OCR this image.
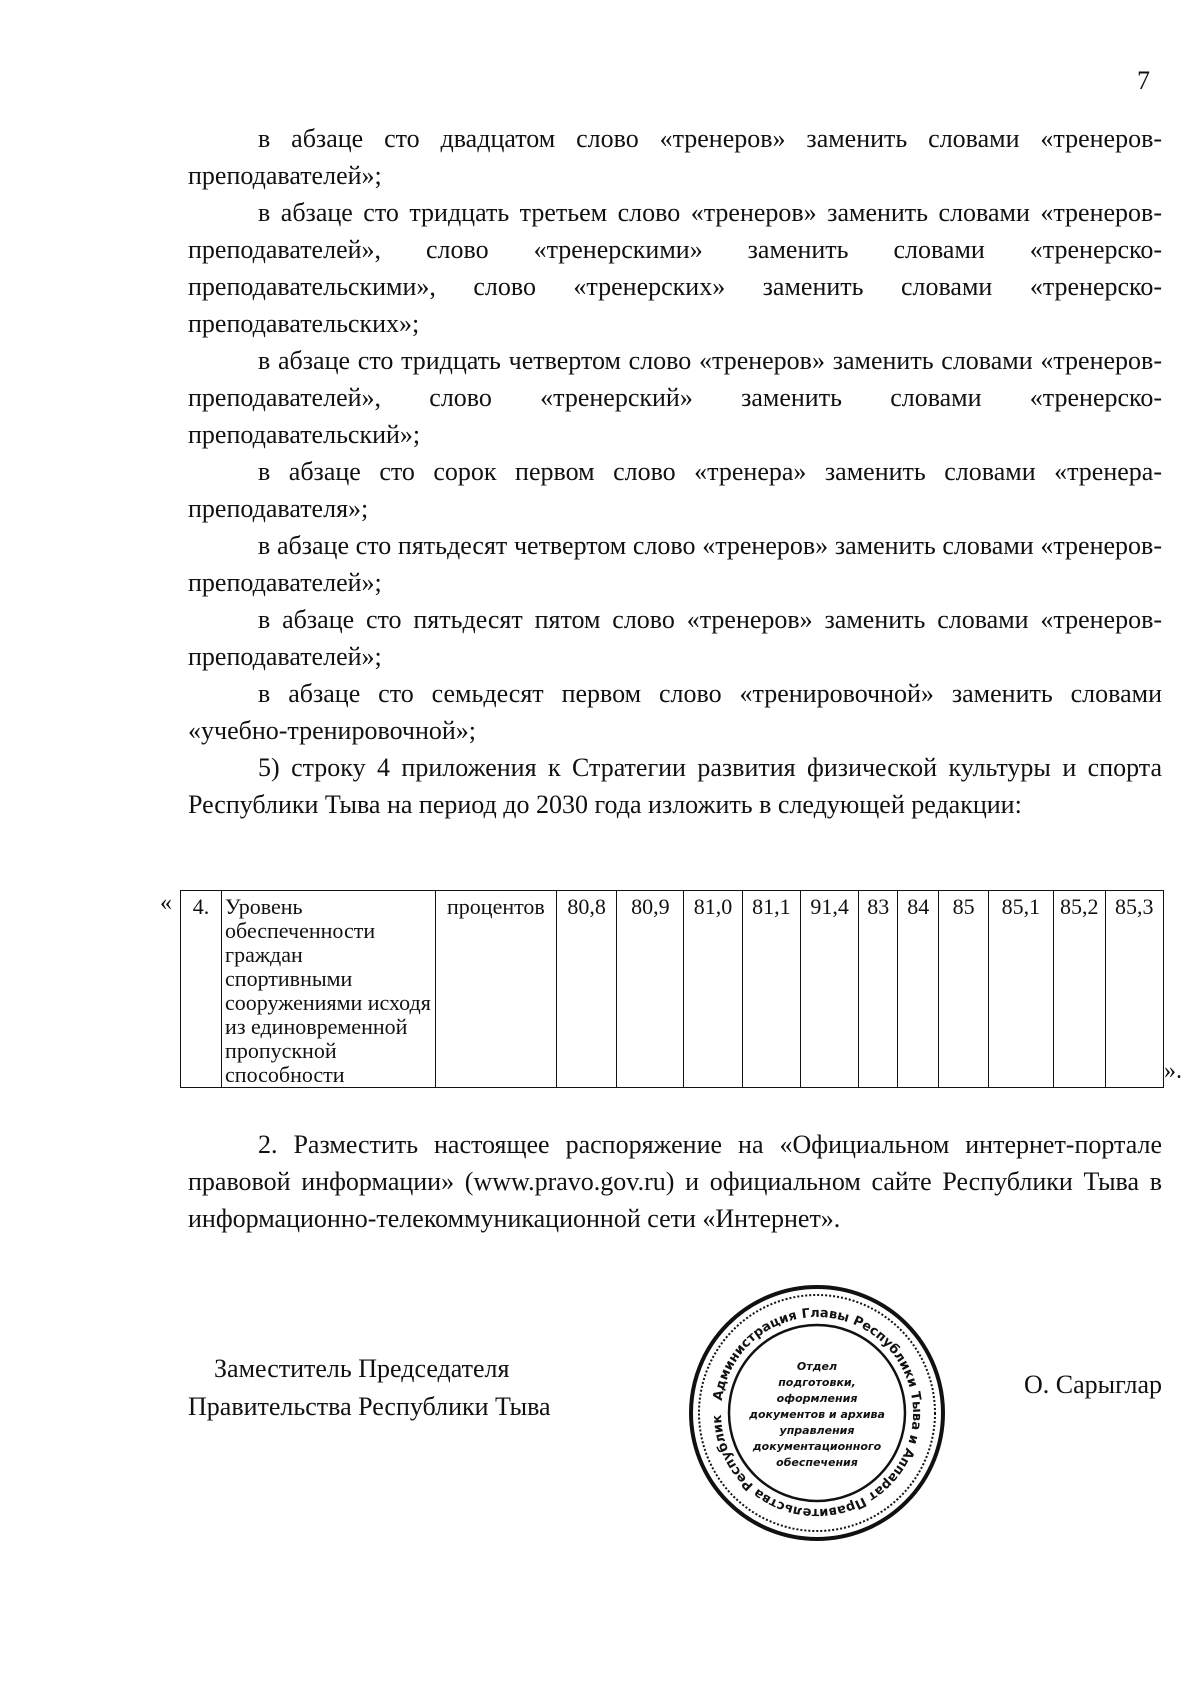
7

в абзаце сто двадцатом слово «тренеров» заменить словами «тренеров-преподавателей»;

в абзаце сто тридцать третьем слово «тренеров» заменить словами «тренеров-преподавателей», слово «тренерскими» заменить словами «тренерско-преподавательскими», слово «тренерских» заменить словами «тренерско-преподавательских»;

в абзаце сто тридцать четвертом слово «тренеров» заменить словами «тренеров-преподавателей», слово «тренерский» заменить словами «тренерско-преподавательский»;

в абзаце сто сорок первом слово «тренера» заменить словами «тренера-преподавателя»;

в абзаце сто пятьдесят четвертом слово «тренеров» заменить словами «тренеров-преподавателей»;

в абзаце сто пятьдесят пятом слово «тренеров» заменить словами «тренеров-преподавателей»;

в абзаце сто семьдесят первом слово «тренировочной» заменить словами «учебно-тренировочной»;

5) строку 4 приложения к Стратегии развития физической культуры и спорта Республики Тыва на период до 2030 года изложить в следующей редакции:

« 4.	Уровень обеспеченности граждан спортивными сооружениями исходя из единовременной пропускной способности	процентов	80,8	80,9	81,0	81,1	91,4	83	84	85	85,1	85,2	85,3
».

2. Разместить настоящее распоряжение на «Официальном интернет-портале правовой информации» (www.pravo.gov.ru) и официальном сайте Республики Тыва в информационно-телекоммуникационной сети «Интернет».

Заместитель Председателя
Правительства Республики Тыва	Администрация Главы Республики Тыва и Аппарат Правительства Республик
Отдел
подготовки,
оформления
документов и архива
управления
документационного
обеспечения
О. Сарыглар
